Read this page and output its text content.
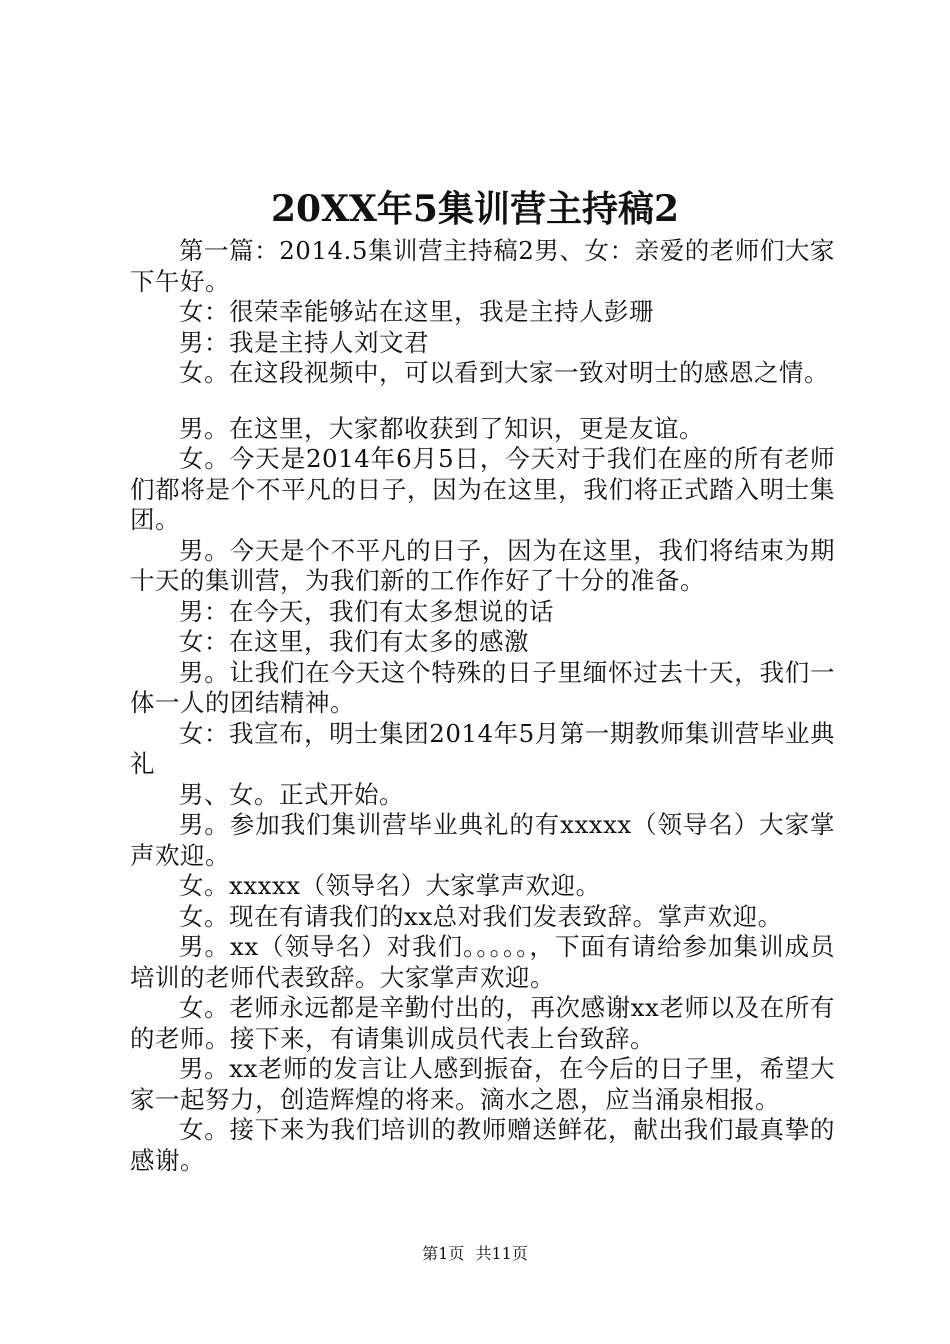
20XX年5集训营主持稿2

第一篇：2014.5集训营主持稿2男、女：亲爱的老师们大家下午好。

女：很荣幸能够站在这里，我是主持人彭珊

男：我是主持人刘文君

女。在这段视频中，可以看到大家一致对明士的感恩之情。

男。在这里，大家都收获到了知识，更是友谊。

女。今天是2014年6月5日，今天对于我们在座的所有老师们都将是个不平凡的日子，因为在这里，我们将正式踏入明士集团。

男。今天是个不平凡的日子，因为在这里，我们将结束为期十天的集训营，为我们新的工作作好了十分的准备。

男：在今天，我们有太多想说的话

女：在这里，我们有太多的感激

男。让我们在今天这个特殊的日子里缅怀过去十天，我们一体一人的团结精神。

女：我宣布，明士集团2014年5月第一期教师集训营毕业典礼

男、女。正式开始。

男。参加我们集训营毕业典礼的有xxxxx（领导名）大家掌声欢迎。

女。xxxxx（领导名）大家掌声欢迎。

女。现在有请我们的xx总对我们发表致辞。掌声欢迎。

男。xx（领导名）对我们。。。。。，下面有请给参加集训成员培训的老师代表致辞。大家掌声欢迎。

女。老师永远都是辛勤付出的，再次感谢xx老师以及在所有的老师。接下来，有请集训成员代表上台致辞。

男。xx老师的发言让人感到振奋，在今后的日子里，希望大家一起努力，创造辉煌的将来。滴水之恩，应当涌泉相报。

女。接下来为我们培训的教师赠送鲜花，献出我们最真挚的感谢。

第1页 共11页
